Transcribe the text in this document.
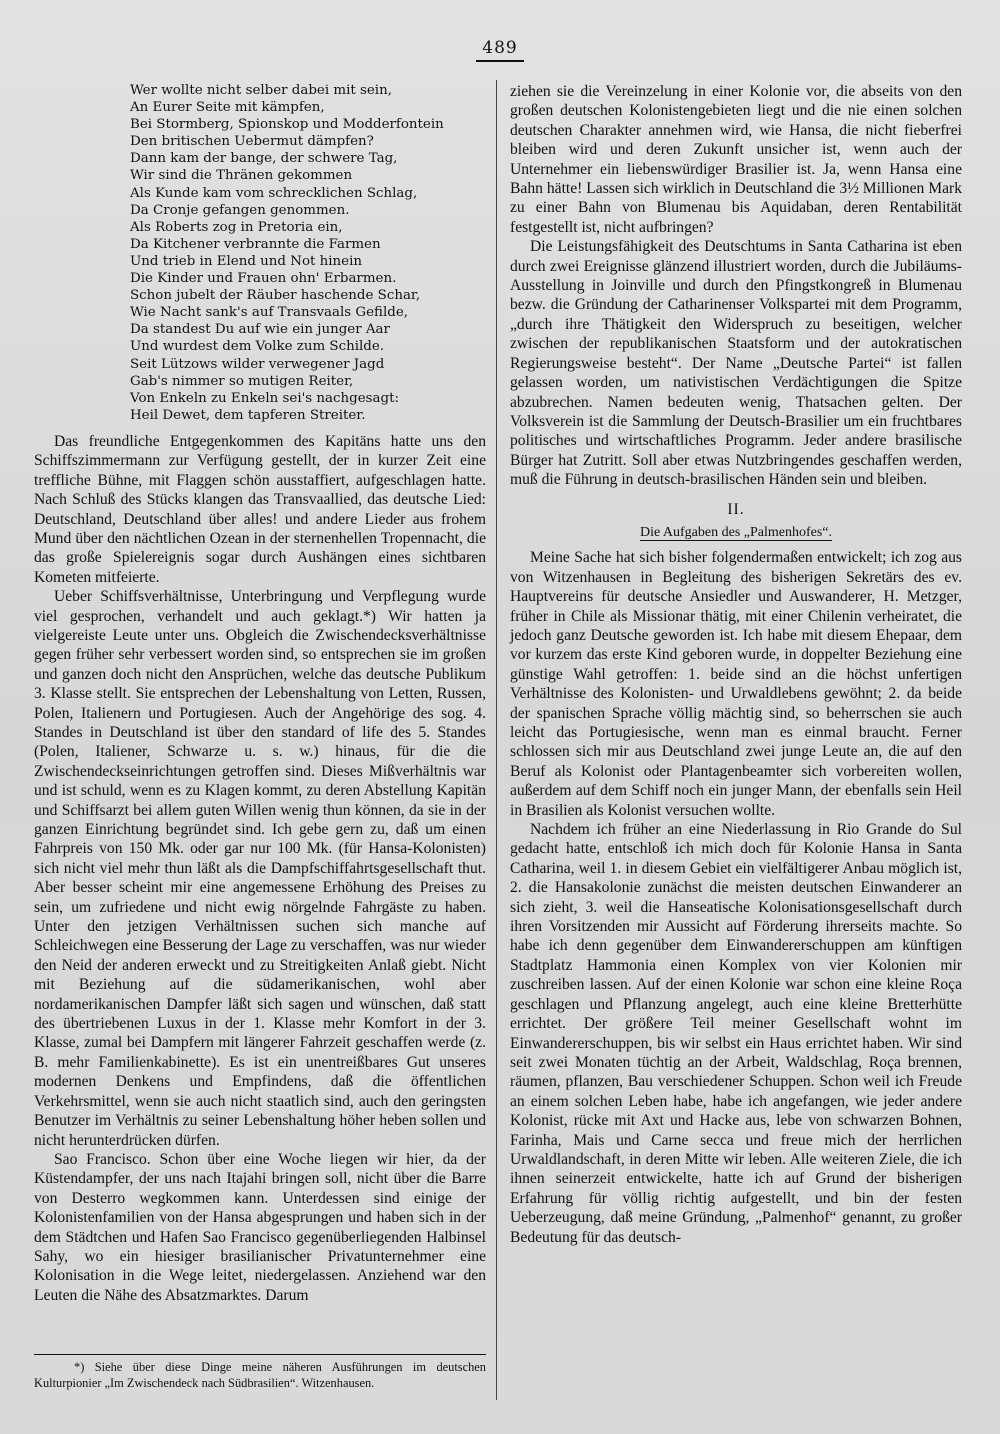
489
Wer wollte nicht selber dabei mit sein,
An Eurer Seite mit kämpfen,
Bei Stormberg, Spionskop und Modderfontein
Den britischen Uebermut dämpfen?
Dann kam der bange, der schwere Tag,
Wir sind die Thränen gekommen
Als Kunde kam vom schrecklichen Schlag,
Da Cronje gefangen genommen.
Als Roberts zog in Pretoria ein,
Da Kitchener verbrannte die Farmen
Und trieb in Elend und Not hinein
Die Kinder und Frauen ohn' Erbarmen.
Schon jubelt der Räuber haschende Schar,
Wie Nacht sank's auf Transvaals Gefilde,
Da standest Du auf wie ein junger Aar
Und wurdest dem Volke zum Schilde.
Seit Lützows wilder verwegener Jagd
Gab's nimmer so mutigen Reiter,
Von Enkeln zu Enkeln sei's nachgesagt:
Heil Dewet, dem tapferen Streiter.

Das freundliche Entgegenkommen des Kapitäns hatte uns den Schiffszimmermann zur Verfügung gestellt, der in kurzer Zeit eine treffliche Bühne, mit Flaggen schön ausstaffiert, aufgeschlagen hatte. Nach Schluß des Stücks klangen das Transvaallied, das deutsche Lied: Deutschland, Deutschland über alles! und andere Lieder aus frohem Mund über den nächtlichen Ozean in der sternenhellen Tropennacht, die das große Spielereignis sogar durch Aushängen eines sichtbaren Kometen mitfeierte.

Ueber Schiffsverhältnisse, Unterbringung und Verpflegung wurde viel gesprochen, verhandelt und auch geklagt.*) Wir hatten ja vielgereiste Leute unter uns. Obgleich die Zwischendecksverhältnisse gegen früher sehr verbessert worden sind, so entsprechen sie im großen und ganzen doch nicht den Ansprüchen, welche das deutsche Publikum 3. Klasse stellt. Sie entsprechen der Lebenshaltung von Letten, Russen, Polen, Italienern und Portugiesen. Auch der Angehörige des sog. 4. Standes in Deutschland ist über den standard of life des 5. Standes (Polen, Italiener, Schwarze u. s. w.) hinaus, für die die Zwischendeckseinrichtungen getroffen sind. Dieses Mißverhältnis war und ist schuld, wenn es zu Klagen kommt, zu deren Abstellung Kapitän und Schiffsarzt bei allem guten Willen wenig thun können, da sie in der ganzen Einrichtung begründet sind. Ich gebe gern zu, daß um einen Fahrpreis von 150 Mk. oder gar nur 100 Mk. (für Hansa-Kolonisten) sich nicht viel mehr thun läßt als die Dampfschiffahrtsgesellschaft thut. Aber besser scheint mir eine angemessene Erhöhung des Preises zu sein, um zufriedene und nicht ewig nörgelnde Fahrgäste zu haben. Unter den jetzigen Verhältnissen suchen sich manche auf Schleichwegen eine Besserung der Lage zu verschaffen, was nur wieder den Neid der anderen erweckt und zu Streitigkeiten Anlaß giebt. Nicht mit Beziehung auf die südamerikanischen, wohl aber nordamerikanischen Dampfer läßt sich sagen und wünschen, daß statt des übertriebenen Luxus in der 1. Klasse mehr Komfort in der 3. Klasse, zumal bei Dampfern mit längerer Fahrzeit geschaffen werde (z. B. mehr Familienkabinette). Es ist ein unentreißbares Gut unseres modernen Denkens und Empfindens, daß die öffentlichen Verkehrsmittel, wenn sie auch nicht staatlich sind, auch den geringsten Benutzer im Verhältnis zu seiner Lebenshaltung höher heben sollen und nicht herunterdrücken dürfen.

Sao Francisco. Schon über eine Woche liegen wir hier, da der Küstendampfer, der uns nach Itajahi bringen soll, nicht über die Barre von Desterro wegkommen kann. Unterdessen sind einige der Kolonistenfamilien von der Hansa abgesprungen und haben sich in der dem Städtchen und Hafen Sao Francisco gegenüberliegenden Halbinsel Sahy, wo ein hiesiger brasilianischer Privatunternehmer eine Kolonisation in die Wege leitet, niedergelassen. Anziehend war den Leuten die Nähe des Absatzmarktes. Darum

ziehen sie die Vereinzelung in einer Kolonie vor, die abseits von den großen deutschen Kolonistengebieten liegt und die nie einen solchen deutschen Charakter annehmen wird, wie Hansa, die nicht fieberfrei bleiben wird und deren Zukunft unsicher ist, wenn auch der Unternehmer ein liebenswürdiger Brasilier ist. Ja, wenn Hansa eine Bahn hätte! Lassen sich wirklich in Deutschland die 3½ Millionen Mark zu einer Bahn von Blumenau bis Aquidaban, deren Rentabilität festgestellt ist, nicht aufbringen?

Die Leistungsfähigkeit des Deutschtums in Santa Catharina ist eben durch zwei Ereignisse glänzend illustriert worden, durch die Jubiläums-Ausstellung in Joinville und durch den Pfingstkongreß in Blumenau bezw. die Gründung der Catharinenser Volkspartei mit dem Programm, „durch ihre Thätigkeit den Widerspruch zu beseitigen, welcher zwischen der republikanischen Staatsform und der autokratischen Regierungsweise besteht“. Der Name „Deutsche Partei“ ist fallen gelassen worden, um nativistischen Verdächtigungen die Spitze abzubrechen. Namen bedeuten wenig, Thatsachen gelten. Der Volksverein ist die Sammlung der Deutsch-Brasilier um ein fruchtbares politisches und wirtschaftliches Programm. Jeder andere brasilische Bürger hat Zutritt. Soll aber etwas Nutzbringendes geschaffen werden, muß die Führung in deutsch-brasilischen Händen sein und bleiben.

II.
Die Aufgaben des „Palmenhofes“.

Meine Sache hat sich bisher folgendermaßen entwickelt; ich zog aus von Witzenhausen in Begleitung des bisherigen Sekretärs des ev. Hauptvereins für deutsche Ansiedler und Auswanderer, H. Metzger, früher in Chile als Missionar thätig, mit einer Chilenin verheiratet, die jedoch ganz Deutsche geworden ist. Ich habe mit diesem Ehepaar, dem vor kurzem das erste Kind geboren wurde, in doppelter Beziehung eine günstige Wahl getroffen: 1. beide sind an die höchst unfertigen Verhältnisse des Kolonisten- und Urwaldlebens gewöhnt; 2. da beide der spanischen Sprache völlig mächtig sind, so beherrschen sie auch leicht das Portugiesische, wenn man es einmal braucht. Ferner schlossen sich mir aus Deutschland zwei junge Leute an, die auf den Beruf als Kolonist oder Plantagenbeamter sich vorbereiten wollen, außerdem auf dem Schiff noch ein junger Mann, der ebenfalls sein Heil in Brasilien als Kolonist versuchen wollte.

Nachdem ich früher an eine Niederlassung in Rio Grande do Sul gedacht hatte, entschloß ich mich doch für Kolonie Hansa in Santa Catharina, weil 1. in diesem Gebiet ein vielfältigerer Anbau möglich ist, 2. die Hansakolonie zunächst die meisten deutschen Einwanderer an sich zieht, 3. weil die Hanseatische Kolonisationsgesellschaft durch ihren Vorsitzenden mir Aussicht auf Förderung ihrerseits machte. So habe ich denn gegenüber dem Einwandererschuppen am künftigen Stadtplatz Hammonia einen Komplex von vier Kolonien mir zuschreiben lassen. Auf der einen Kolonie war schon eine kleine Roça geschlagen und Pflanzung angelegt, auch eine kleine Bretterhütte errichtet. Der größere Teil meiner Gesellschaft wohnt im Einwandererschuppen, bis wir selbst ein Haus errichtet haben. Wir sind seit zwei Monaten tüchtig an der Arbeit, Waldschlag, Roça brennen, räumen, pflanzen, Bau verschiedener Schuppen. Schon weil ich Freude an einem solchen Leben habe, habe ich angefangen, wie jeder andere Kolonist, rücke mit Axt und Hacke aus, lebe von schwarzen Bohnen, Farinha, Mais und Carne secca und freue mich der herrlichen Urwaldlandschaft, in deren Mitte wir leben. Alle weiteren Ziele, die ich ihnen seinerzeit entwickelte, hatte ich auf Grund der bisherigen Erfahrung für völlig richtig aufgestellt, und bin der festen Ueberzeugung, daß meine Gründung, „Palmenhof“ genannt, zu großer Bedeutung für das deutsch-

*) Siehe über diese Dinge meine näheren Ausführungen im deutschen Kulturpionier „Im Zwischendeck nach Südbrasilien“. Witzenhausen.
